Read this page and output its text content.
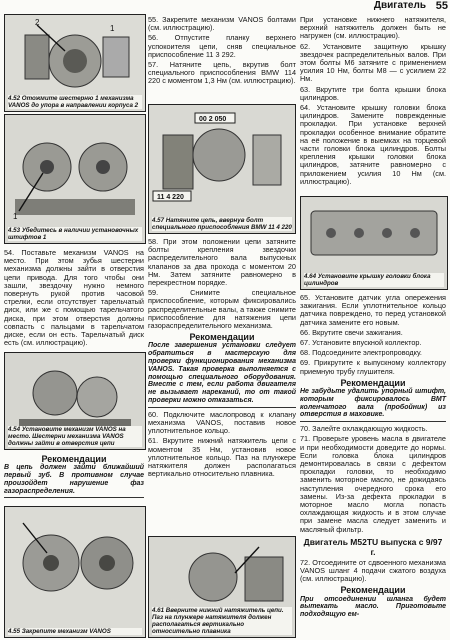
Двигатель 55
2
1
4.52 Отожмите шестерню 1 механизма VANOS до упора в направлении корпуса 2
1
4.53 Убедитесь в наличии установочных штифтов 1

54. Поставьте механизм VANOS на место. При этом зубья шестерни механизма должны зайти в отверстия цепи привода. Для того чтобы они зашли, звездочку нужно немного повернуть рукой против часовой стрелки, если отсутствует тарельчатый диск, или же с помощью тарельчатого диска, при этом отверстия должны совпасть с пальцами в тарельчатом диске, если он есть. Тарельчатый диск есть (см. иллюстрацию).

4.54 Установите механизм VANOS на место. Шестерни механизма VANOS должны зайти в отверстия цепи
Рекомендации
В цепь должен зайти ближайший первый зуб. В противном случае произойдет нарушение фаз газораспределения.
4.55 Закрепите механизм VANOS

55. Закрепите механизм VANOS болтами (см. иллюстрацию).

56. Отпустите планку верхнего успокоителя цепи, сняв специальное приспособление 11 3 292.

57. Натяните цепь, вкрутив болт специального приспособления BMW 114 220 с моментом 1,3 Нм (см. иллюстрацию).

00 2 050
11 4 220
4.57 Натяните цепь, ввернув болт специального приспособления BMW 11 4 220

58. При этом положении цепи затяните болты крепления звездочки распределительного вала выпускных клапанов за два прохода с моментом 20 Нм. Затем затяните равномерно в перекрестном порядке.

59. Снимите специальное приспособление, которым фиксировались распределительные валы, а также снимите приспособление для натяжения цепи газораспределительного механизма.

Рекомендации
После завершения установки следует обратиться в мастерскую для проверки функционирования механизма VANOS. Такая проверка выполняется с помощью специального оборудования. Вместе с тем, если работа двигателя не вызывает нареканий, то от такой проверки можно отказаться.

60. Подключите маслопровод к клапану механизма VANOS, поставив новое уплотнительное кольцо.

61. Вкрутите нижний натяжитель цепи с моментом 35 Нм, установив новое уплотнительное кольцо. Паз на плунжере натяжителя должен располагаться вертикально относительно плавника.

4.61 Вверните нижний натяжитель цепи. Паз на плунжере натяжителя должен располагаться вертикально относительно плавника

При установке нижнего натяжителя, верхний натяжитель должен быть не нагружен (см. иллюстрацию).

62. Установите защитную крышку звездочек распределительных валов. При этом болты M6 затяните с применением усилия 10 Нм, болты M8 — с усилием 22 Нм.

63. Вкрутите три болта крышки блока цилиндров.

64. Установите крышку головки блока цилиндров. Замените поврежденные прокладки. При установке верхней прокладки особенное внимание обратите на её положение в выемках на торцевой части головки блока цилиндров. Болты крепления крышки головки блока цилиндров, затяните равномерно с приложением усилия 10 Нм (см. иллюстрацию).

4.64 Установите крышку головки блока цилиндров

65. Установите датчик угла опережения зажигания. Если уплотнительное кольцо датчика повреждено, то перед установкой датчика замените его новым.

66. Вкрутите свечи зажигания.

67. Установите впускной коллектор.

68. Подсоедините электропроводку.

69. Прикрутите к выпускному коллектору приемную трубу глушителя.

Рекомендации
Не забудьте удалить упорный штифт, которым фиксировалось ВМТ коленчатого вала (пробойник) из отверстия в маховике.

70. Залейте охлаждающую жидкость.

71. Проверьте уровень масла в двигателе и при необходимости доведите до нормы. Если головка блока цилиндров демонтировалась в связи с дефектом прокладки головки, то необходимо заменить моторное масло, не дожидаясь наступления очередного срока его замены. Из-за дефекта прокладки в моторное масло могла попасть охлаждающая жидкость и в этом случае при замене масла следует заменить и масляный фильтр.

Двигатель M52TU выпуска с 9/97 г.

72. Отсоедините от сдвоенного механизма VANOS шланг 4 подачи сжатого воздуха (см. иллюстрацию).

Рекомендации
При отсоединении шланга будет вытекать масло. Приготовьте подходящую ем-
